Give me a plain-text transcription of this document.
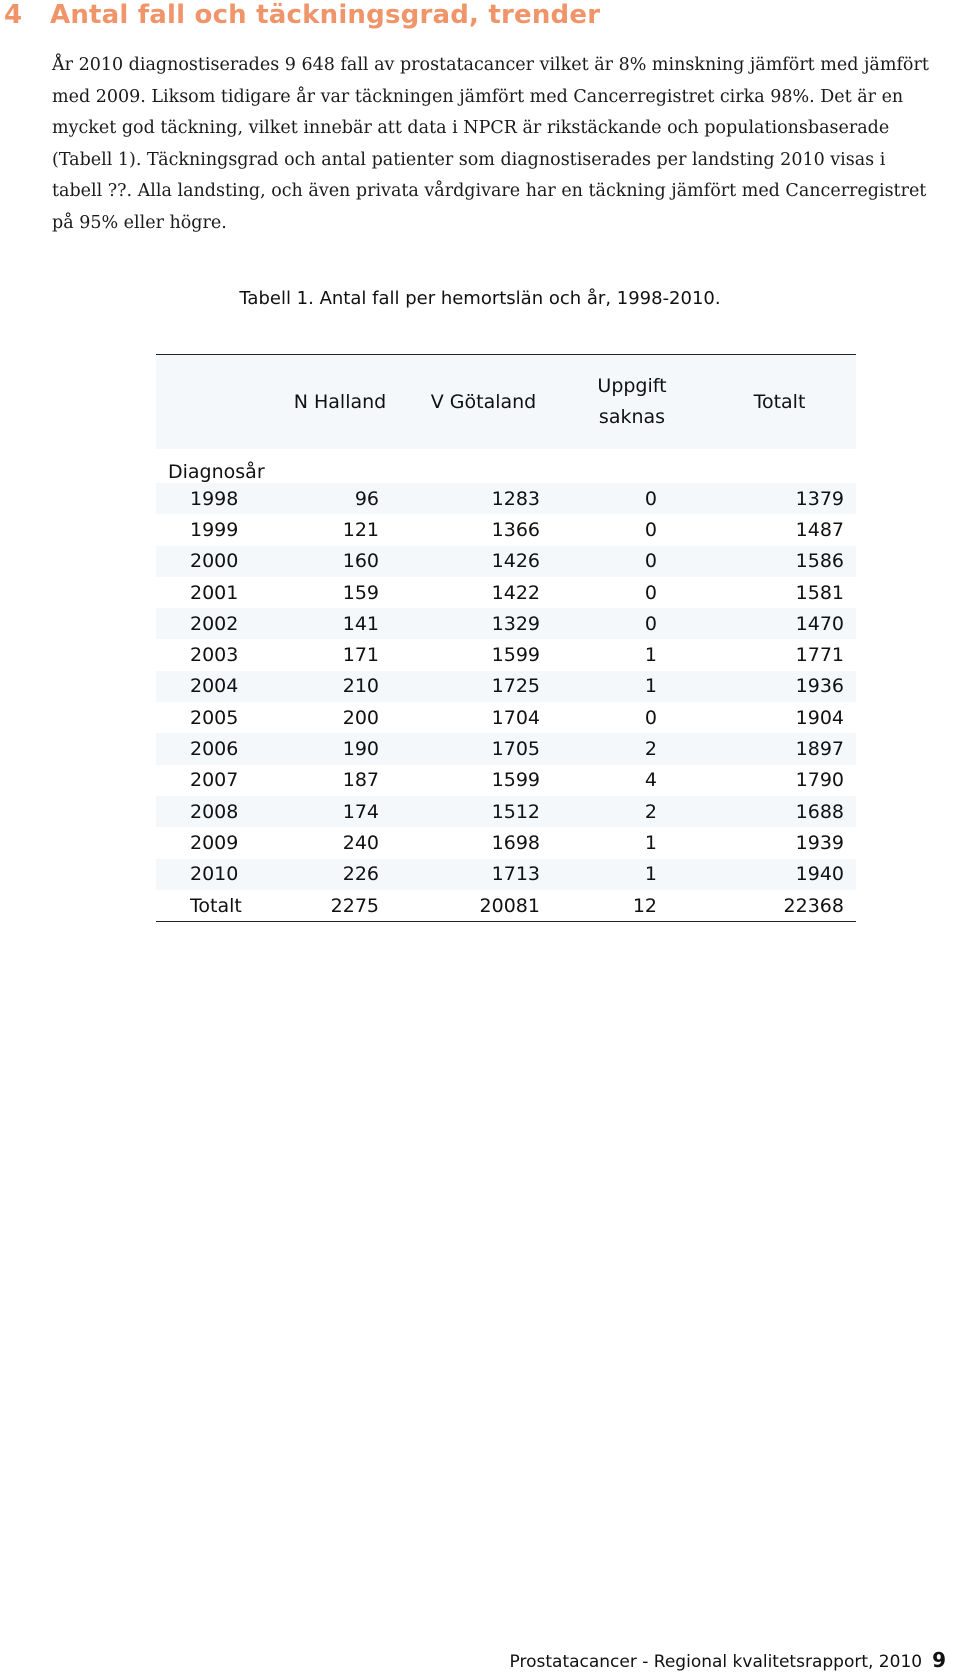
4 Antal fall och täckningsgrad, trender

År 2010 diagnostiserades 9 648 fall av prostatacancer vilket är 8% minskning jämfört med jämfört med 2009. Liksom tidigare år var täckningen jämfört med Cancerregistret cirka 98%. Det är en mycket god täckning, vilket innebär att data i NPCR är rikstäckande och populationsbaserade (Tabell 1). Täckningsgrad och antal patienter som diagnostiserades per landsting 2010 visas i tabell ??. Alla landsting, och även privata vårdgivare har en täckning jämfört med Cancerregistret på 95% eller högre.

Tabell 1. Antal fall per hemortslän och år, 1998-2010.
	N Halland	V Götaland	Uppgift saknas	Totalt
Diagnosår				
1998	96	1283	0	1379
1999	121	1366	0	1487
2000	160	1426	0	1586
2001	159	1422	0	1581
2002	141	1329	0	1470
2003	171	1599	1	1771
2004	210	1725	1	1936
2005	200	1704	0	1904
2006	190	1705	2	1897
2007	187	1599	4	1790
2008	174	1512	2	1688
2009	240	1698	1	1939
2010	226	1713	1	1940
Totalt	2275	20081	12	22368
Prostatacancer - Regional kvalitetsrapport, 2010 9
